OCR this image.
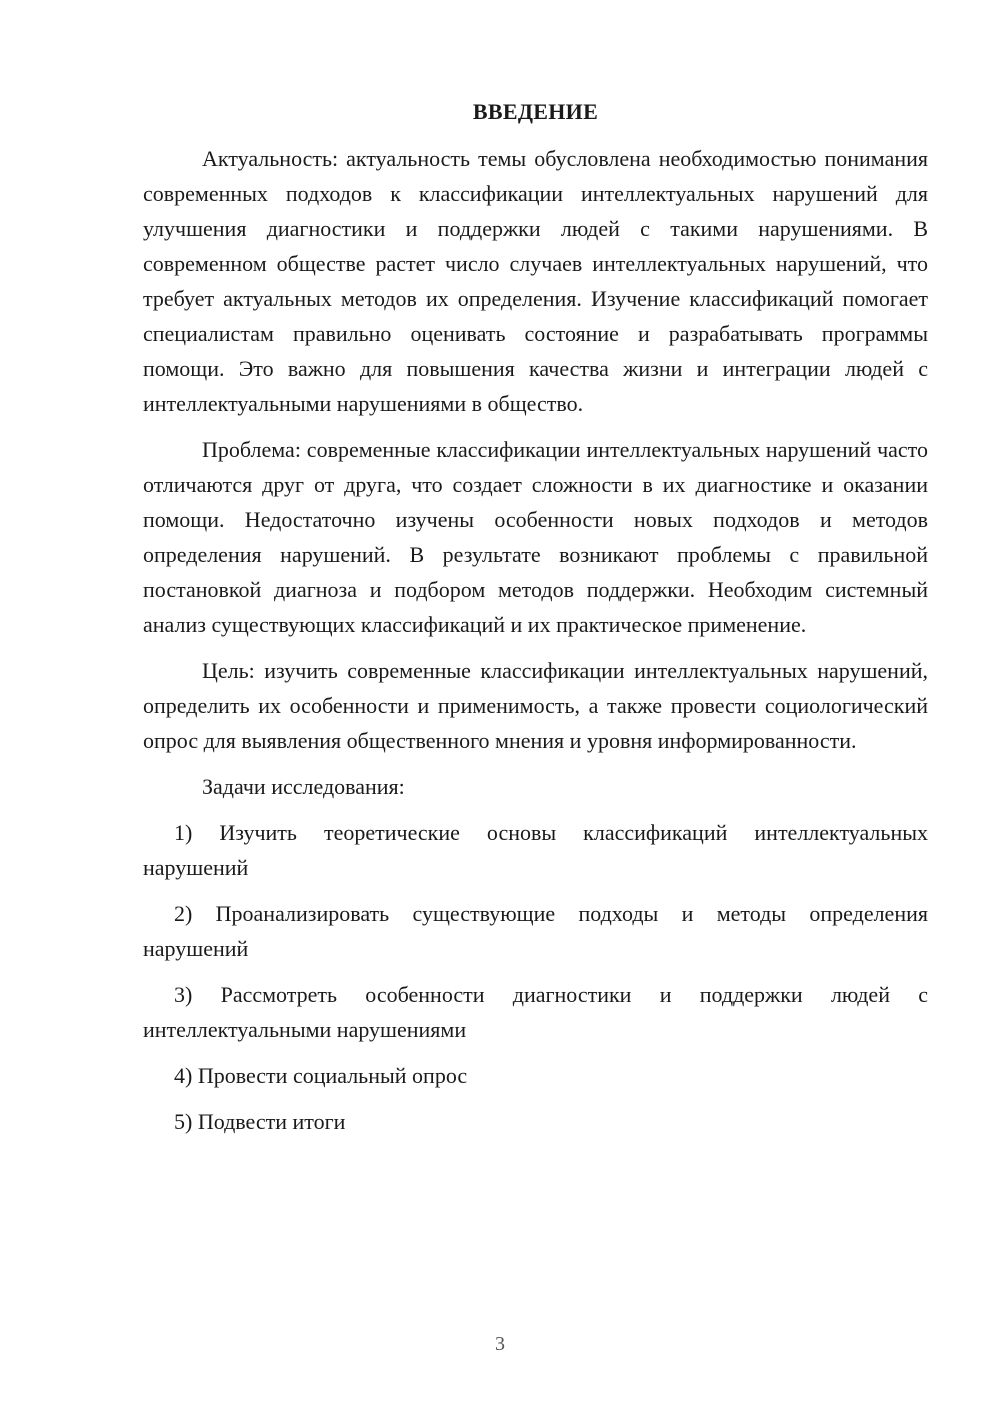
ВВЕДЕНИЕ

Актуальность: актуальность темы обусловлена необходимостью понимания современных подходов к классификации интеллектуальных нарушений для улучшения диагностики и поддержки людей с такими нарушениями. В современном обществе растет число случаев интеллектуальных нарушений, что требует актуальных методов их определения. Изучение классификаций помогает специалистам правильно оценивать состояние и разрабатывать программы помощи. Это важно для повышения качества жизни и интеграции людей с интеллектуальными нарушениями в общество.

Проблема: современные классификации интеллектуальных нарушений часто отличаются друг от друга, что создает сложности в их диагностике и оказании помощи. Недостаточно изучены особенности новых подходов и методов определения нарушений. В результате возникают проблемы с правильной постановкой диагноза и подбором методов поддержки. Необходим системный анализ существующих классификаций и их практическое применение.

Цель: изучить современные классификации интеллектуальных нарушений, определить их особенности и применимость, а также провести социологический опрос для выявления общественного мнения и уровня информированности.

Задачи исследования:

1) Изучить теоретические основы классификаций интеллектуальных нарушений
2) Проанализировать существующие подходы и методы определения нарушений
3) Рассмотреть особенности диагностики и поддержки людей с интеллектуальными нарушениями
4) Провести социальный опрос
5) Подвести итоги
3
